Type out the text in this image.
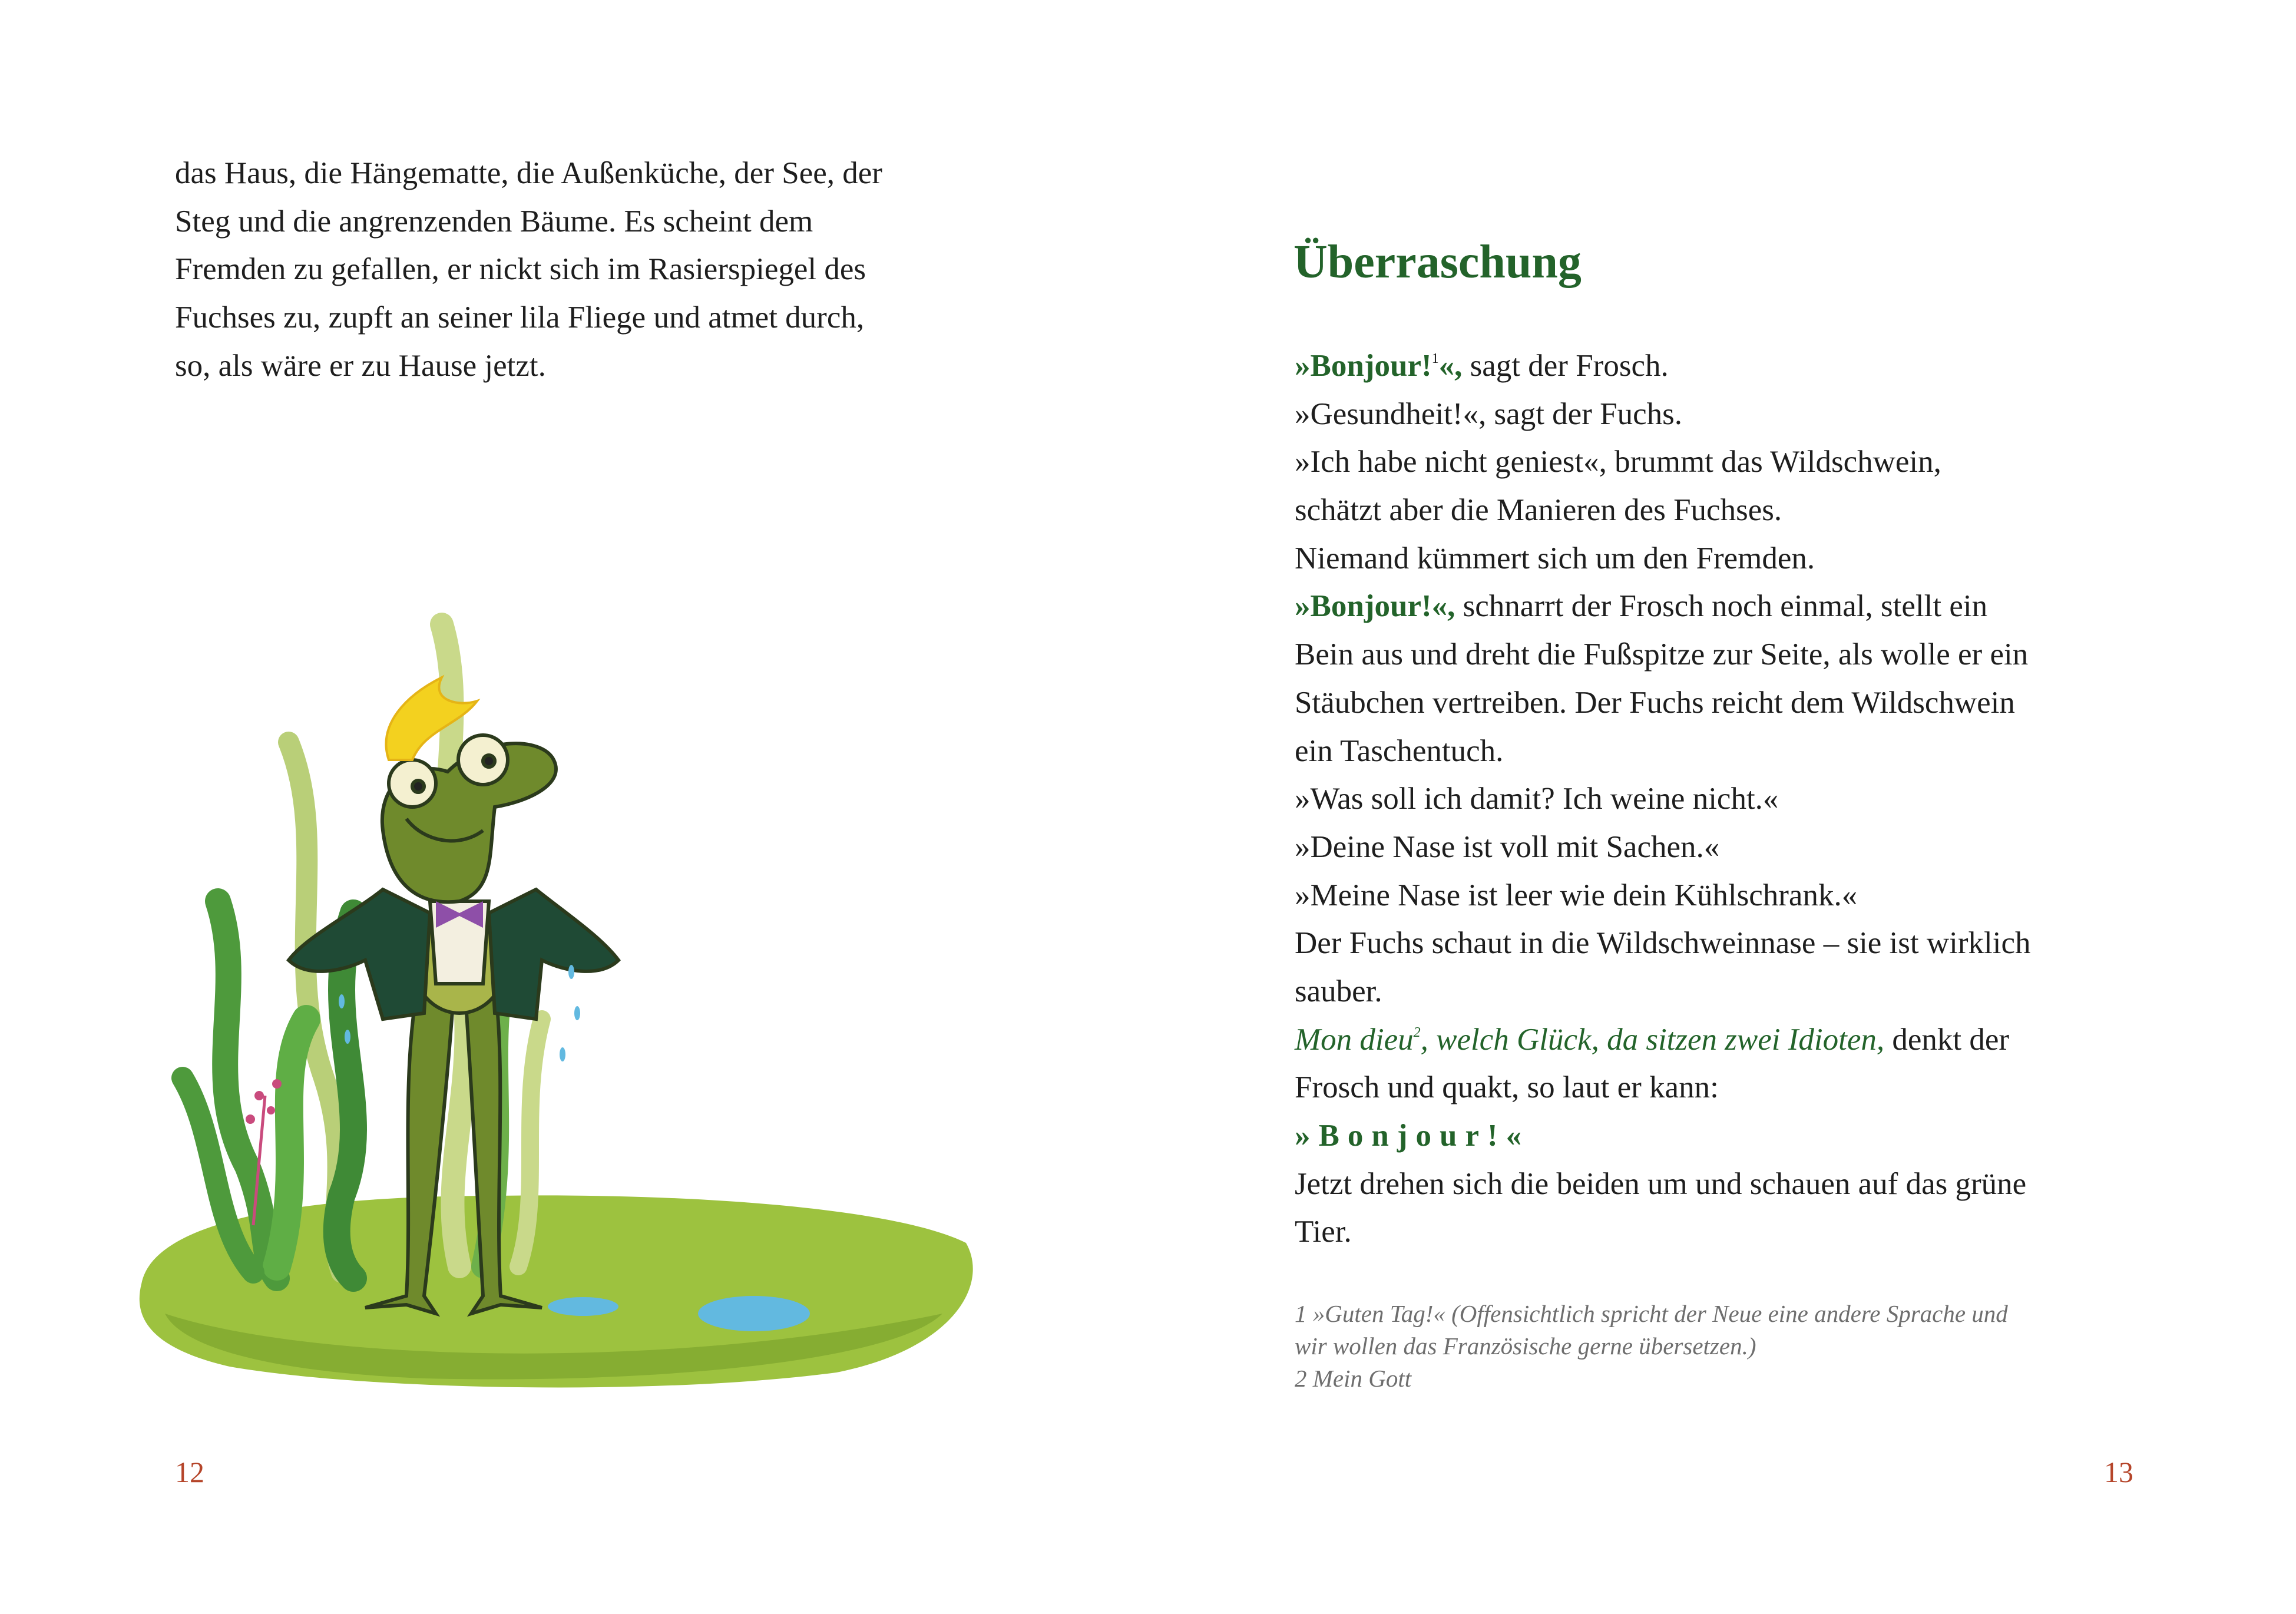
das Haus, die Hängematte, die Außenküche, der See, der
Steg und die angrenzenden Bäume. Es scheint dem
Fremden zu gefallen, er nickt sich im Rasierspiegel des
Fuchses zu, zupft an seiner lila Fliege und atmet durch,
so, als wäre er zu Hause jetzt.
12
Überraschung
»Bonjour!$^1$«, sagt der Frosch.
»Gesundheit!«, sagt der Fuchs.
»Ich habe nicht geniest«, brummt das Wildschwein,
schätzt aber die Manieren des Fuchses.
Niemand kümmert sich um den Fremden.
»Bonjour!«, schnarrt der Frosch noch einmal, stellt ein
Bein aus und dreht die Fußspitze zur Seite, als wolle er ein
Stäubchen vertreiben. Der Fuchs reicht dem Wildschwein
ein Taschentuch.
»Was soll ich damit? Ich weine nicht.«
»Deine Nase ist voll mit Sachen.«
»Meine Nase ist leer wie dein Kühlschrank.«
Der Fuchs schaut in die Wildschweinnase – sie ist wirklich
sauber.
Mon dieu$^2$, welch Glück, da sitzen zwei Idioten, denkt der
Frosch und quakt, so laut er kann:
»Bonjour!«
Jetzt drehen sich die beiden um und schauen auf das grüne
Tier.
1 »Guten Tag!« (Offensichtlich spricht der Neue eine andere Sprache und
wir wollen das Französische gerne übersetzen.)
2 Mein Gott
13
